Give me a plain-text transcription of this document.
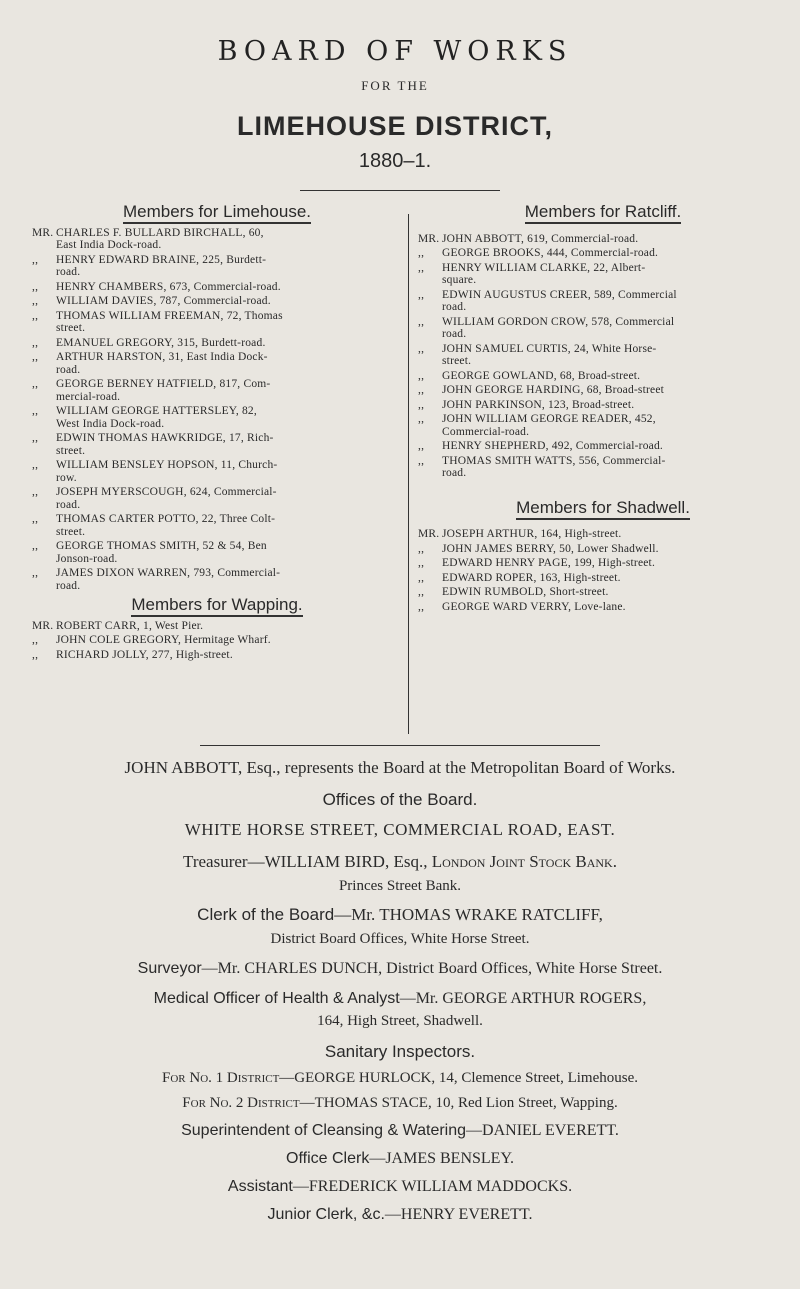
BOARD OF WORKS
FOR THE
LIMEHOUSE DISTRICT,
1880–1.
Members for Limehouse.
MR. CHARLES F. BULLARD BIRCHALL, 60,
East India Dock-road.
,, HENRY EDWARD BRAINE, 225, Burdett-
road.
,, HENRY CHAMBERS, 673, Commercial-road.
,, WILLIAM DAVIES, 787, Commercial-road.
,, THOMAS WILLIAM FREEMAN, 72, Thomas
street.
,, EMANUEL GREGORY, 315, Burdett-road.
,, ARTHUR HARSTON, 31, East India Dock-
road.
,, GEORGE BERNEY HATFIELD, 817, Com-
mercial-road.
,, WILLIAM GEORGE HATTERSLEY, 82,
West India Dock-road.
,, EDWIN THOMAS HAWKRIDGE, 17, Rich-
street.
,, WILLIAM BENSLEY HOPSON, 11, Church-
row.
,, JOSEPH MYERSCOUGH, 624, Commercial-
road.
,, THOMAS CARTER POTTO, 22, Three Colt-
street.
,, GEORGE THOMAS SMITH, 52 & 54, Ben
Jonson-road.
,, JAMES DIXON WARREN, 793, Commercial-
road.
Members for Wapping.
MR. ROBERT CARR, 1, West Pier.
,, JOHN COLE GREGORY, Hermitage Wharf.
,, RICHARD JOLLY, 277, High-street.
Members for Ratcliff.
MR. JOHN ABBOTT, 619, Commercial-road.
,, GEORGE BROOKS, 444, Commercial-road.
,, HENRY WILLIAM CLARKE, 22, Albert-
square.
,, EDWIN AUGUSTUS CREER, 589, Commercial
road.
,, WILLIAM GORDON CROW, 578, Commercial
road.
,, JOHN SAMUEL CURTIS, 24, White Horse-
street.
,, GEORGE GOWLAND, 68, Broad-street.
,, JOHN GEORGE HARDING, 68, Broad-street
,, JOHN PARKINSON, 123, Broad-street.
,, JOHN WILLIAM GEORGE READER, 452,
Commercial-road.
,, HENRY SHEPHERD, 492, Commercial-road.
,, THOMAS SMITH WATTS, 556, Commercial-
road.
Members for Shadwell.
MR. JOSEPH ARTHUR, 164, High-street.
,, JOHN JAMES BERRY, 50, Lower Shadwell.
,, EDWARD HENRY PAGE, 199, High-street.
,, EDWARD ROPER, 163, High-street.
,, EDWIN RUMBOLD, Short-street.
,, GEORGE WARD VERRY, Love-lane.

JOHN ABBOTT, Esq., represents the Board at the Metropolitan Board of Works.

Offices of the Board.

WHITE HORSE STREET, COMMERCIAL ROAD, EAST.

Treasurer—WILLIAM BIRD, Esq., London Joint Stock Bank.

Princes Street Bank.

Clerk of the Board—Mr. THOMAS WRAKE RATCLIFF,

District Board Offices, White Horse Street.

Surveyor—Mr. CHARLES DUNCH, District Board Offices, White Horse Street.

Medical Officer of Health & Analyst—Mr. GEORGE ARTHUR ROGERS,

164, High Street, Shadwell.

Sanitary Inspectors.

For No. 1 District—GEORGE HURLOCK, 14, Clemence Street, Limehouse.

For No. 2 District—THOMAS STACE, 10, Red Lion Street, Wapping.

Superintendent of Cleansing & Watering—DANIEL EVERETT.

Office Clerk—JAMES BENSLEY.

Assistant—FREDERICK WILLIAM MADDOCKS.

Junior Clerk, &c.—HENRY EVERETT.
